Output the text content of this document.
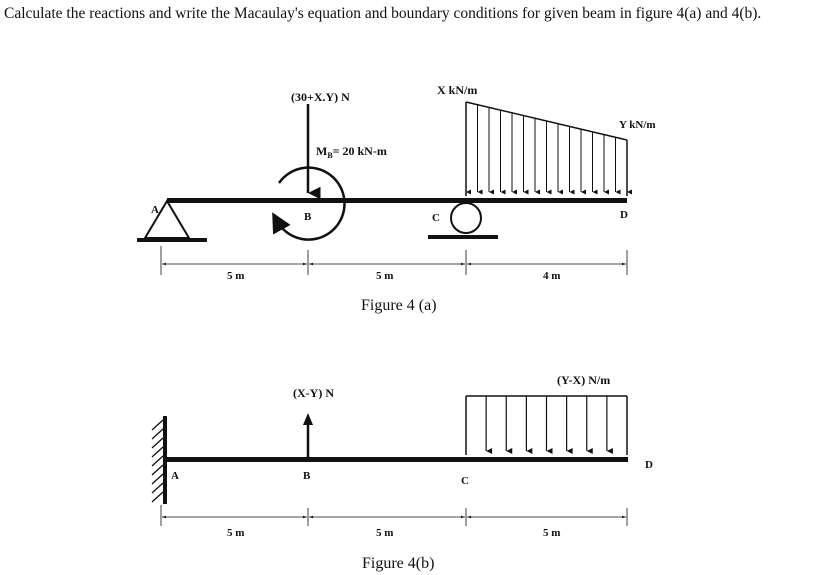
Calculate the reactions and write the Macaulay's equation and boundary conditions for given beam in figure 4(a) and 4(b).

A
(30+X.Y) N
B
$M_B= 20$ kN-m
C
X kN/m
Y kN/m
D
5 m	5 m	4 m
Figure 4 (a)
A
(X-Y) N
B	C
(Y-X) N/m
D
5 m	5 m	5 m
Figure 4(b)
